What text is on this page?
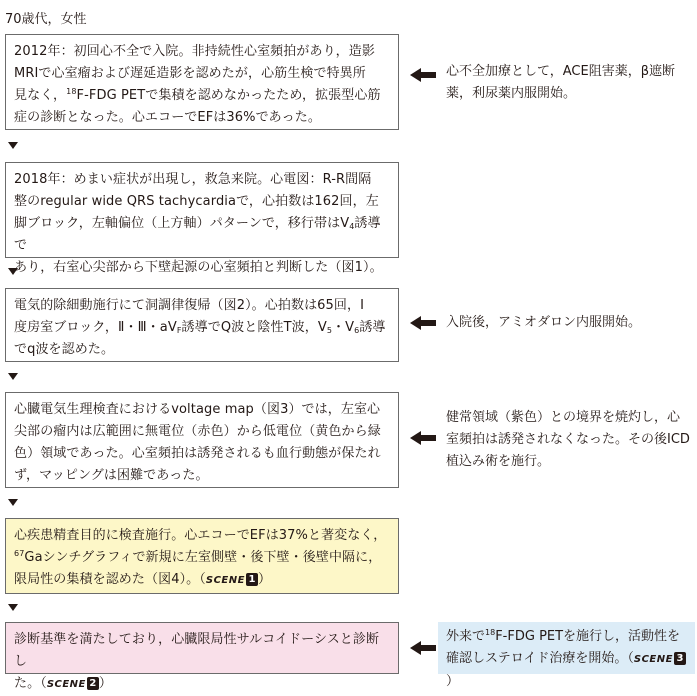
70歳代，女性
2012年：初回心不全で入院。非持続性心室頻拍があり，造影
MRIで心室瘤および遅延造影を認めたが，心筋生検で特異所
見なく，$^{18}$F-FDG PETで集積を認めなかったため，拡張型心筋
症の診断となった。心エコーでEFは36%であった。
心不全加療として，ACE阻害薬，β遮断
薬，利尿薬内服開始。
2018年：めまい症状が出現し，救急来院。心電図：R-R間隔
整のregular wide QRS tachycardiaで，心拍数は162回，左
脚ブロック，左軸偏位（上方軸）パターンで，移行帯は$V_4$誘導で
あり，右室心尖部から下壁起源の心室頻拍と判断した（図1）。
電気的除細動施行にて洞調律復帰（図2）。心拍数は65回，I
度房室ブロック，Ⅱ・Ⅲ・$aV_F$誘導でQ波と陰性T波，$V_5$・$V_6$誘導
でq波を認めた。
入院後，アミオダロン内服開始。
心臓電気生理検査におけるvoltage map（図3）では，左室心
尖部の瘤内は広範囲に無電位（赤色）から低電位（黄色から緑
色）領域であった。心室頻拍は誘発されるも血行動態が保たれ
ず，マッピングは困難であった。
健常領域（紫色）との境界を焼灼し，心
室頻拍は誘発されなくなった。その後ICD
植込み術を施行。
心疾患精査目的に検査施行。心エコーでEFは37%と著変なく，
$^{67}$Gaシンチグラフィで新規に左室側壁・後下壁・後壁中隔に，
限局性の集積を認めた（図4）。（SCENE 1 ）
診断基準を満たしており，心臓限局性サルコイドーシスと診断し
た。（SCENE 2 ）
外来で$^{18}$F-FDG PETを施行し，活動性を
確認しステロイド治療を開始。（SCENE 3）
